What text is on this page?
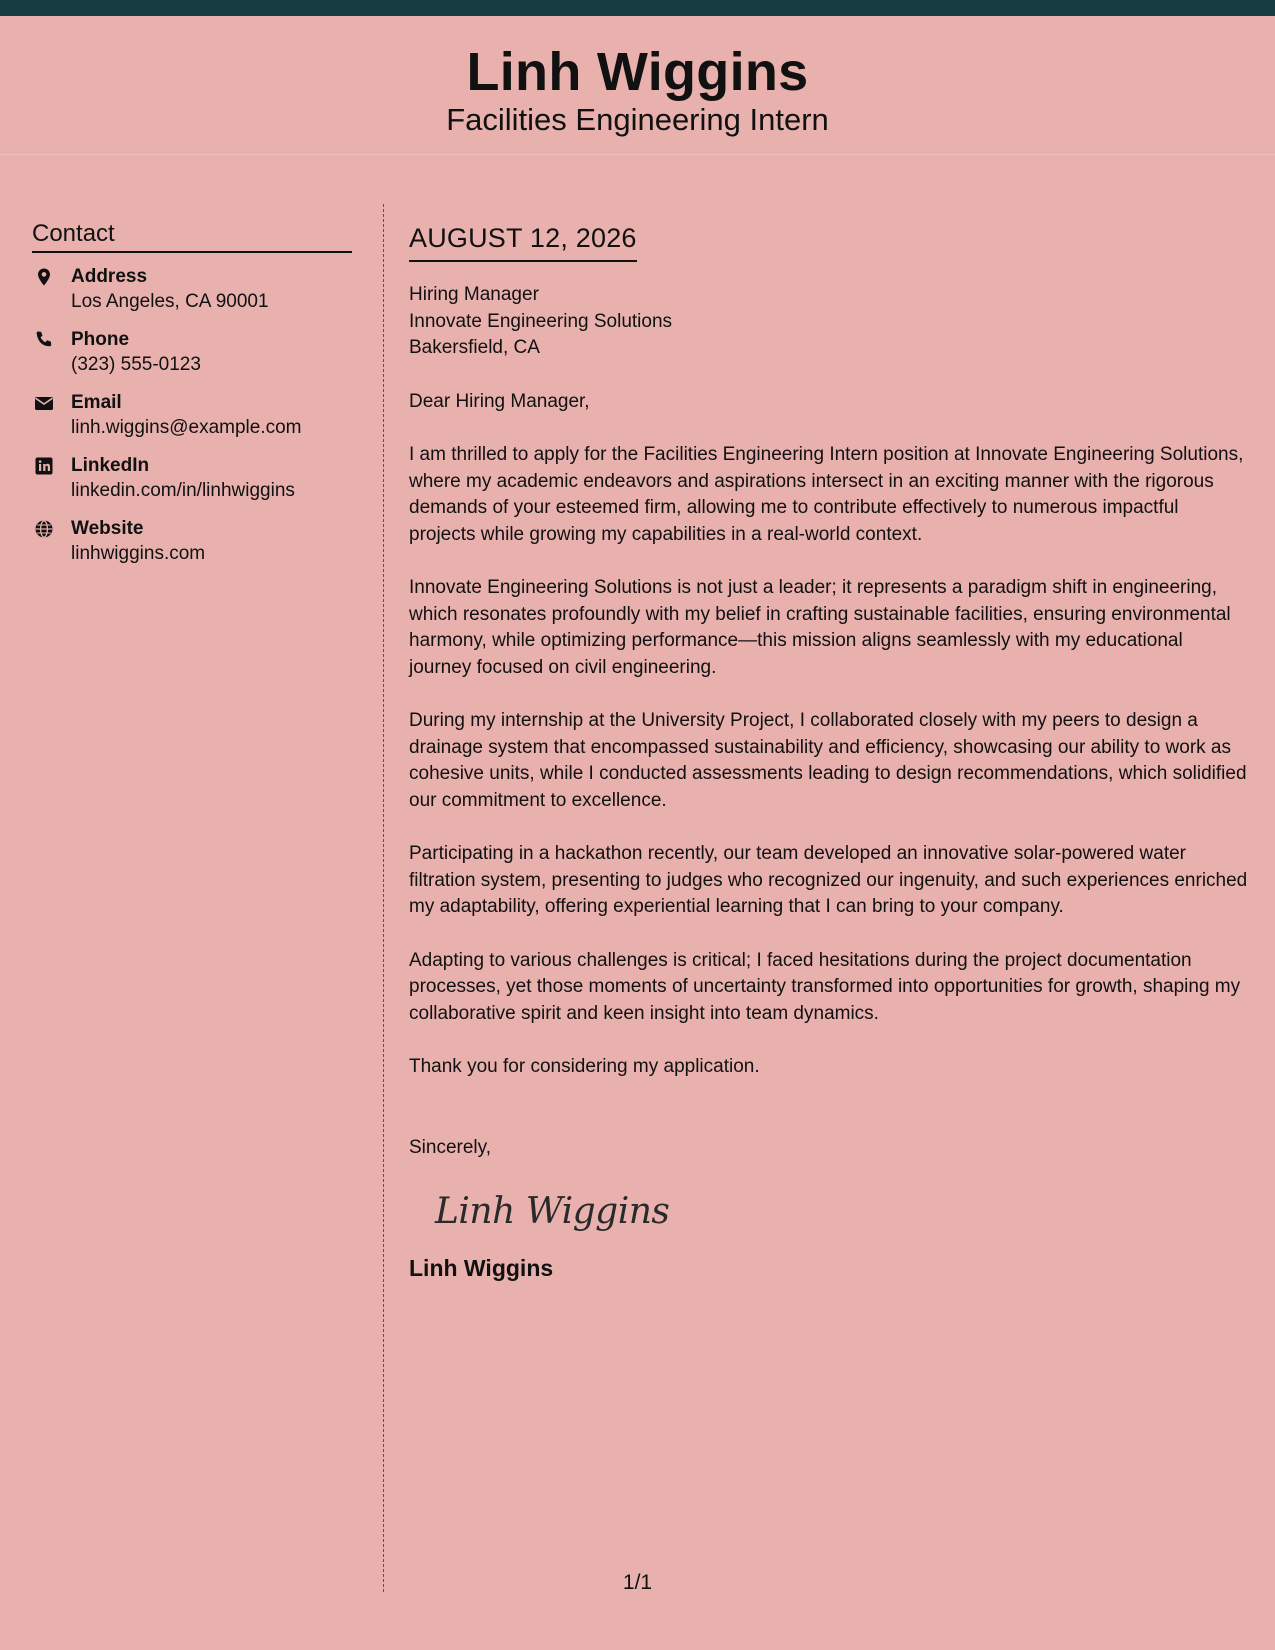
Linh Wiggins

Facilities Engineering Intern

Contact
Address
Los Angeles, CA 90001
Phone
(323) 555-0123
Email
linh.wiggins@example.com
LinkedIn
linkedin.com/in/linhwiggins
Website
linhwiggins.com
AUGUST 12, 2026
Hiring Manager
Innovate Engineering Solutions
Bakersfield, CA
Dear Hiring Manager,

I am thrilled to apply for the Facilities Engineering Intern position at Innovate Engineering Solutions, where my academic endeavors and aspirations intersect in an exciting manner with the rigorous demands of your esteemed firm, allowing me to contribute effectively to numerous impactful projects while growing my capabilities in a real-world context.

Innovate Engineering Solutions is not just a leader; it represents a paradigm shift in engineering, which resonates profoundly with my belief in crafting sustainable facilities, ensuring environmental harmony, while optimizing performance—this mission aligns seamlessly with my educational journey focused on civil engineering.

During my internship at the University Project, I collaborated closely with my peers to design a drainage system that encompassed sustainability and efficiency, showcasing our ability to work as cohesive units, while I conducted assessments leading to design recommendations, which solidified our commitment to excellence.

Participating in a hackathon recently, our team developed an innovative solar-powered water filtration system, presenting to judges who recognized our ingenuity, and such experiences enriched my adaptability, offering experiential learning that I can bring to your company.

Adapting to various challenges is critical; I faced hesitations during the project documentation processes, yet those moments of uncertainty transformed into opportunities for growth, shaping my collaborative spirit and keen insight into team dynamics.

Thank you for considering my application.

Sincerely,
Linh Wiggins
Linh Wiggins
1/1
